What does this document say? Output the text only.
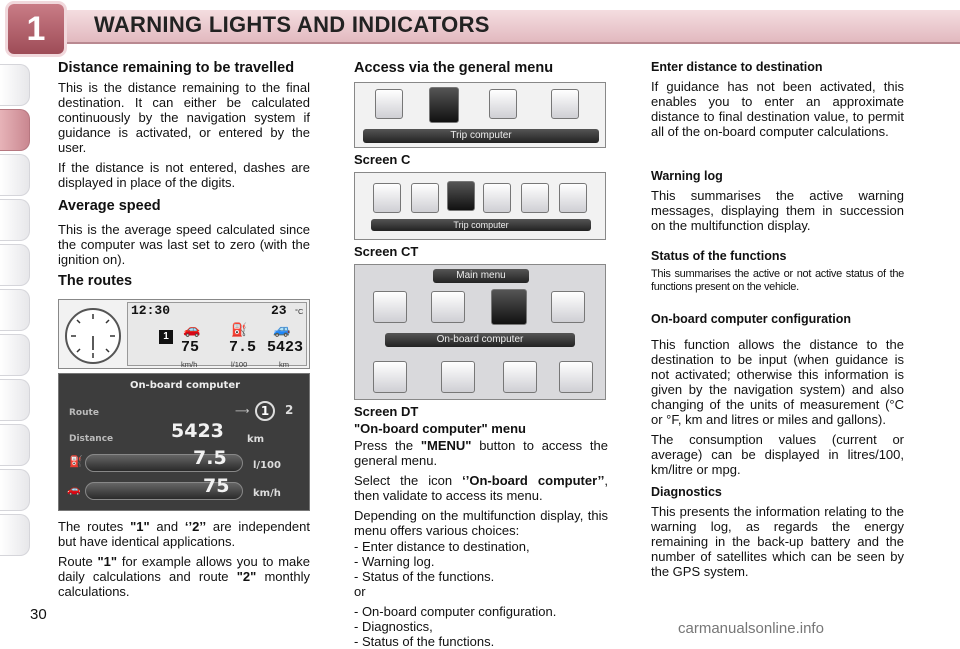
1	WARNING LIGHTS AND INDICATORS
Distance remaining to be travelled

This is the distance remaining to the final destination. It can either be calculated continuously by the navigation system if guidance is activated, or entered by the user.

If the distance is not entered, dashes are displayed in place of the digits.

Average speed

This is the average speed calculated since the computer was last set to zero (with the ignition on).

The routes
12:30	23 °C
1
75
km/h
7.5
l/100
5423
km
🚗 ⛽ 🚙
On-board computer
Route	⟶ 1	2
Distance	5423 km
⛽	7.5	l/100
🚗	75 km/h

The routes "1" and ‘’2’’ are independent but have identical applications.

Route "1" for example allows you to make daily calculations and route "2" monthly calculations.

Access via the general menu
Trip computer
Screen C
Trip computer
Screen CT
Main menu
On-board computer
Screen DT

"On-board computer" menu

Press the "MENU" button to access the general menu.

Select the icon ‘’On-board computer’’, then validate to access its menu.

Depending on the multifunction display, this menu offers various choices:

- Enter distance to destination,
- Warning log.
- Status of the functions.
or
- On-board computer configuration.
- Diagnostics,
- Status of the functions.
Enter distance to destination

If guidance has not been activated, this enables you to enter an approximate distance to final destination value, to permit all of the on-board computer calculations.

Warning log

This summarises the active warning messages, displaying them in succession on the multifunction display.

Status of the functions

This summarises the active or not active status of the functions present on the vehicle.

On-board computer configuration

This function allows the distance to the destination to be input (when guidance is not activated; otherwise this information is given by the navigation system) and also changing of the units of measurement (°C or °F, km and litres or miles and gallons).

The consumption values (current or average) can be displayed in litres/100, km/litre or mpg.

Diagnostics

This presents the information relating to the warning log, as regards the energy remaining in the back-up battery and the number of satellites which can be seen by the GPS system.

30
carmanualsonline.info
